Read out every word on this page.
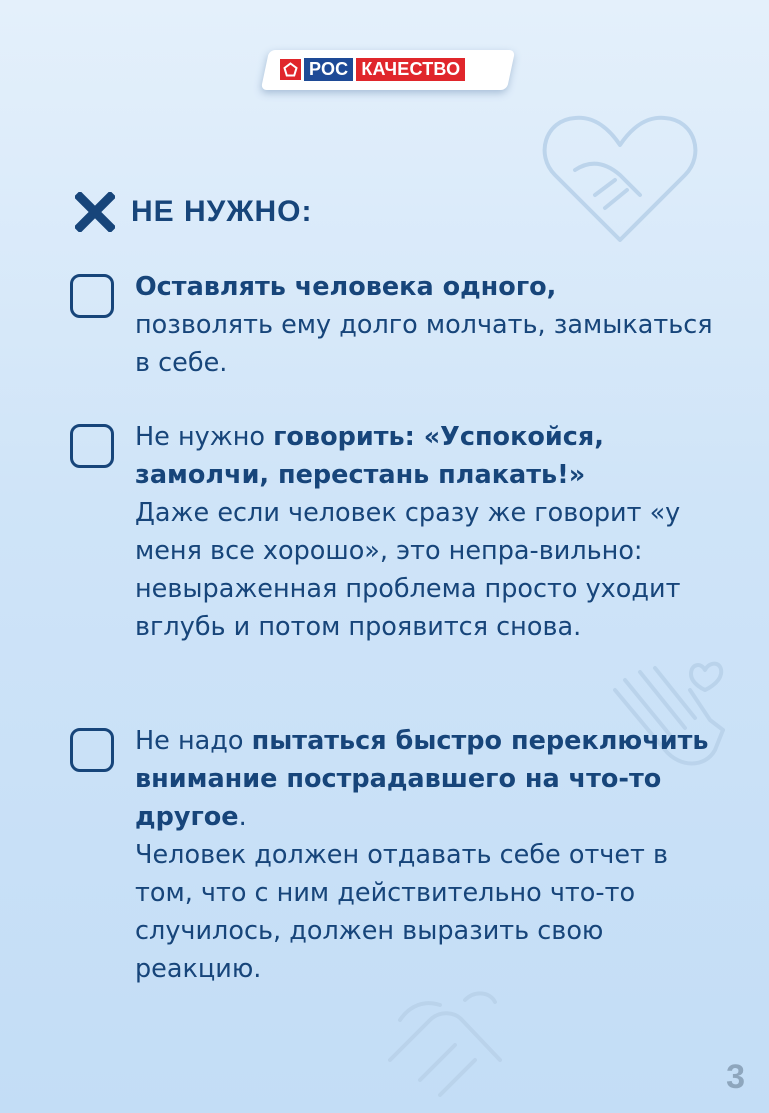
РОС КАЧЕСТВО
НЕ НУЖНО:
Оставлять человека одного,
позволять ему долго молчать, замыкаться в себе.
Не нужно говорить: «Успокойся, замолчи, перестань плакать!»
Даже если человек сразу же говорит «у меня все хорошо», это непра-вильно: невыраженная проблема просто уходит вглубь и потом проявится снова.
Не надо пытаться быстро переключить внимание пострадавшего на что-то другое.
Человек должен отдавать себе отчет в том, что с ним действительно что-то случилось, должен выразить свою реакцию.
3
